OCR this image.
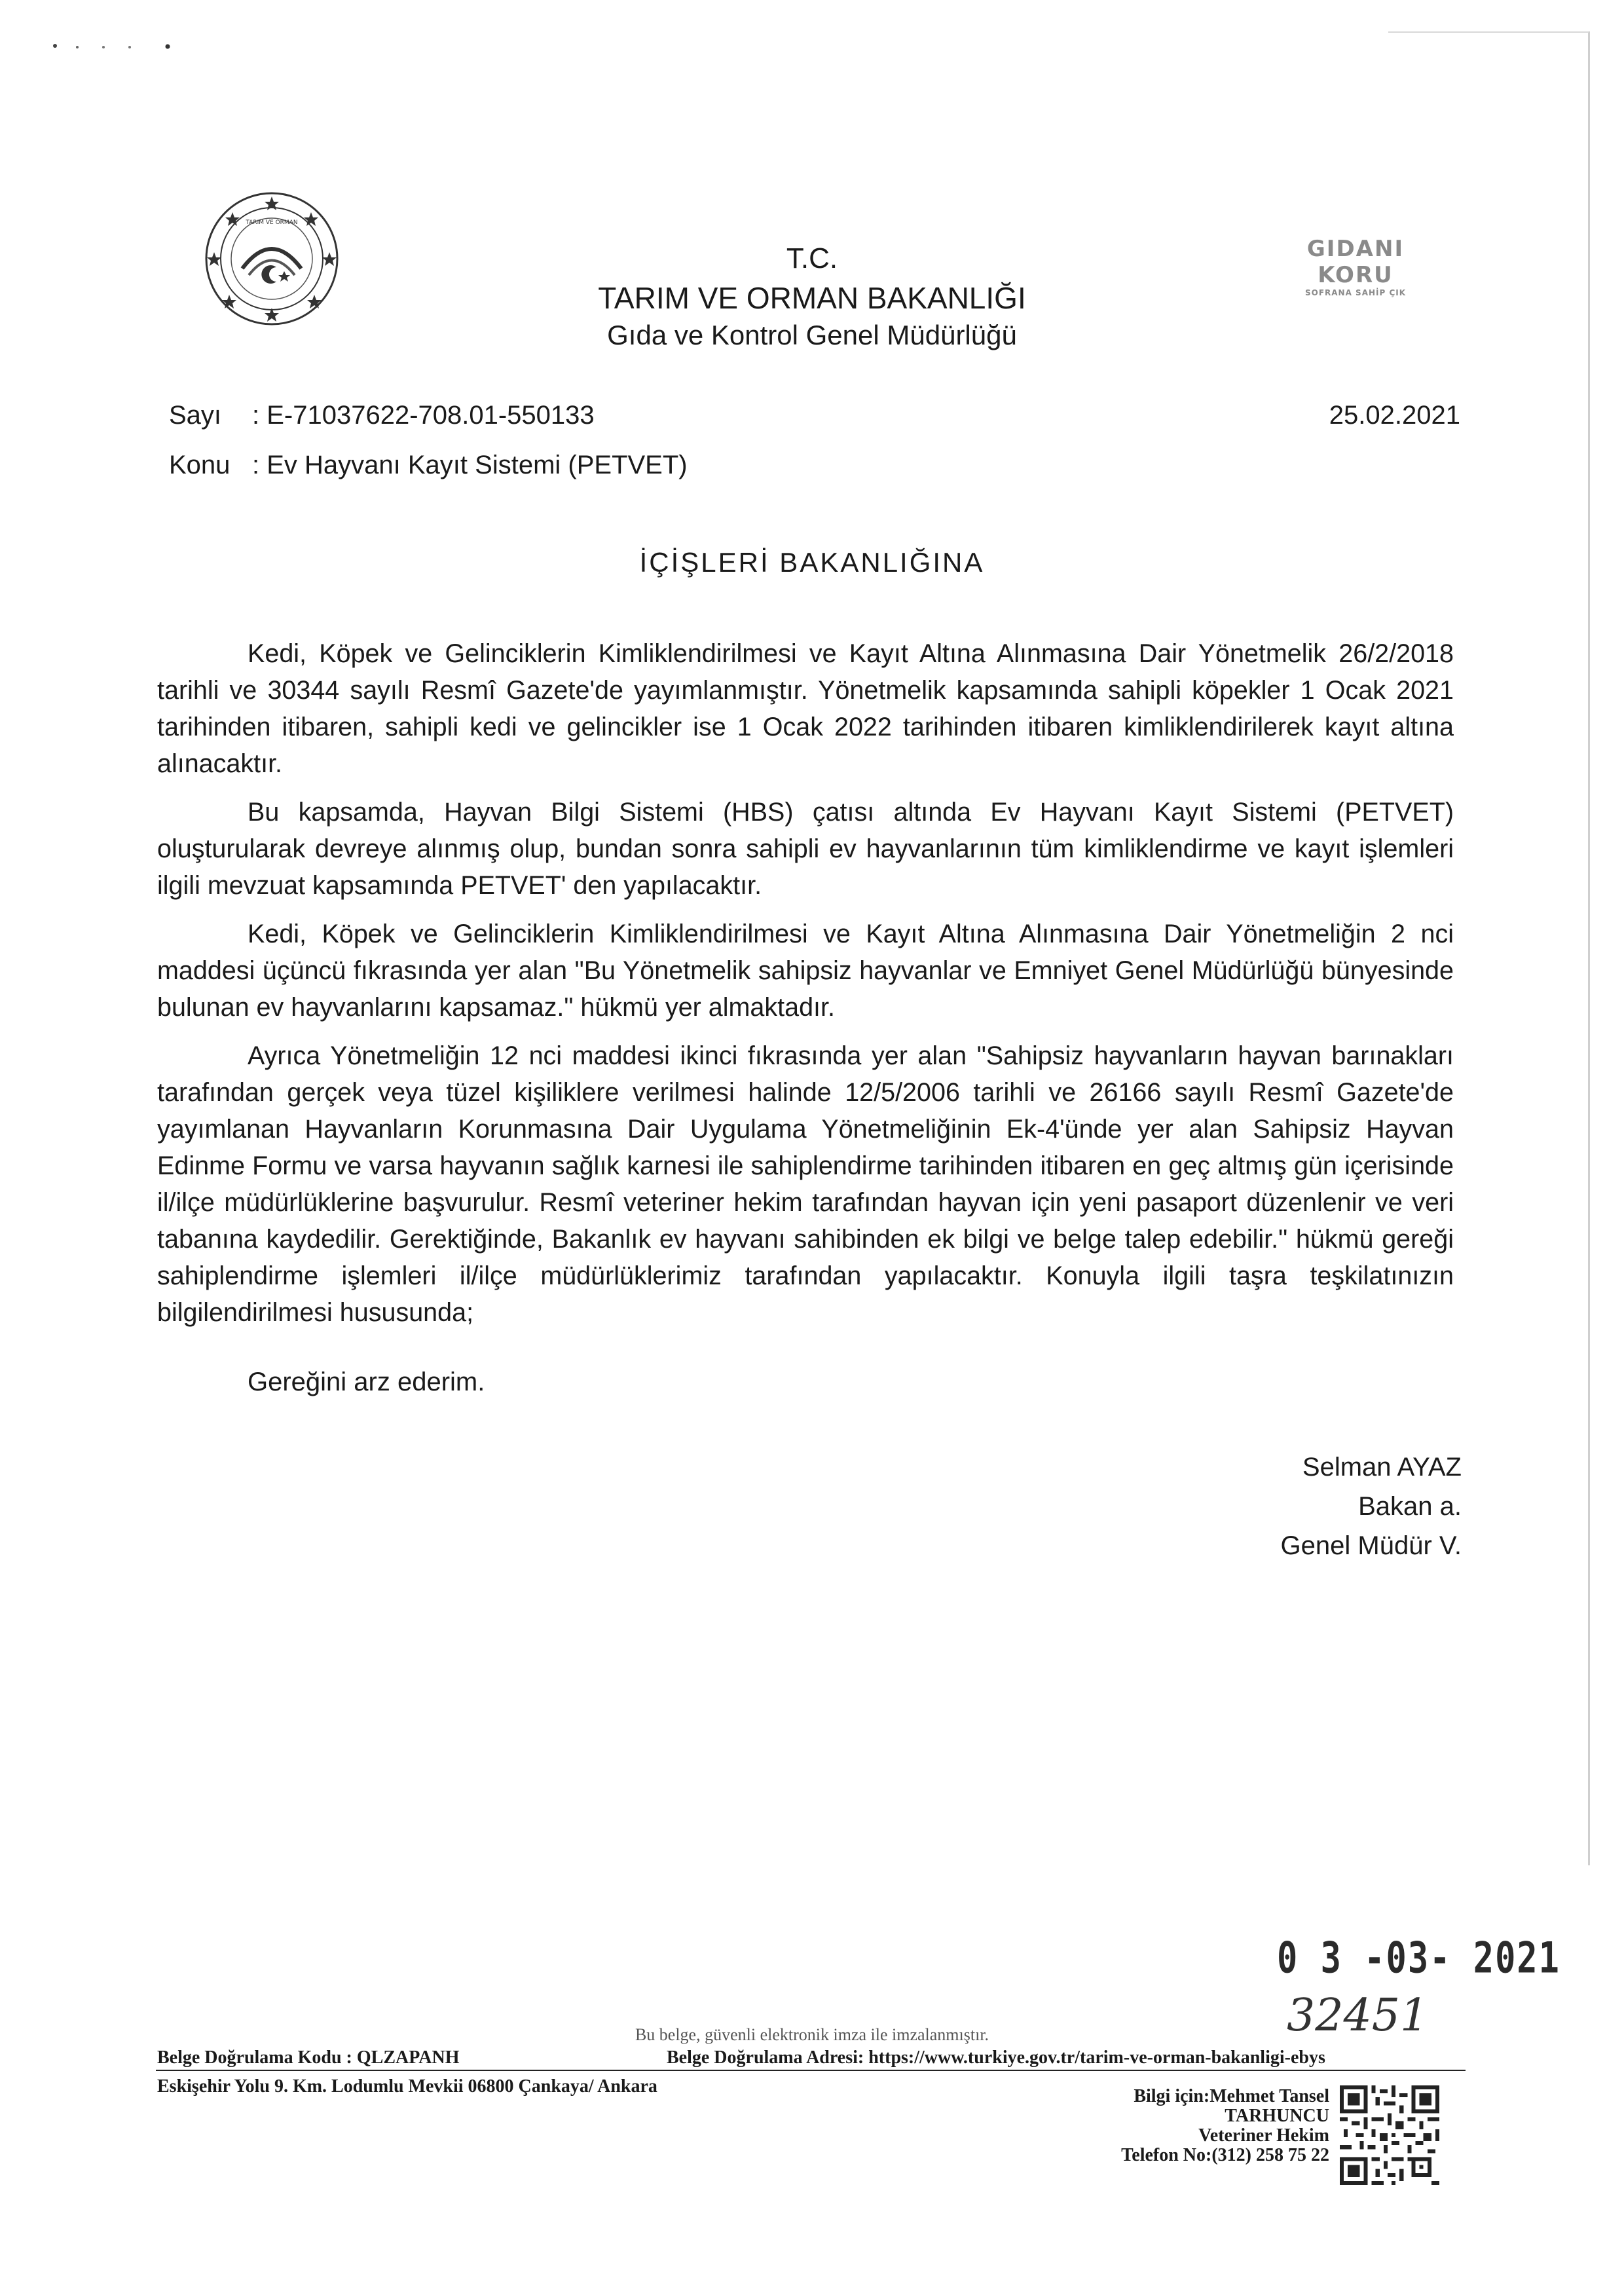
TARIM VE ORMAN
GIDANI KORU
SOFRANA SAHİP ÇIK
T.C.
TARIM VE ORMAN BAKANLIĞI
Gıda ve Kontrol Genel Müdürlüğü
Sayı : E-71037622-708.01-550133
Konu : Ev Hayvanı Kayıt Sistemi (PETVET)
25.02.2021
İÇİŞLERİ BAKANLIĞINA

Kedi, Köpek ve Gelinciklerin Kimliklendirilmesi ve Kayıt Altına Alınmasına Dair Yönetmelik 26/2/2018 tarihli ve 30344 sayılı Resmî Gazete'de yayımlanmıştır. Yönetmelik kapsamında sahipli köpekler 1 Ocak 2021 tarihinden itibaren, sahipli kedi ve gelincikler ise 1 Ocak 2022 tarihinden itibaren kimliklendirilerek kayıt altına alınacaktır.

Bu kapsamda, Hayvan Bilgi Sistemi (HBS) çatısı altında Ev Hayvanı Kayıt Sistemi (PETVET) oluşturularak devreye alınmış olup, bundan sonra sahipli ev hayvanlarının tüm kimliklendirme ve kayıt işlemleri ilgili mevzuat kapsamında PETVET' den yapılacaktır.

Kedi, Köpek ve Gelinciklerin Kimliklendirilmesi ve Kayıt Altına Alınmasına Dair Yönetmeliğin 2 nci maddesi üçüncü fıkrasında yer alan "Bu Yönetmelik sahipsiz hayvanlar ve Emniyet Genel Müdürlüğü bünyesinde bulunan ev hayvanlarını kapsamaz." hükmü yer almaktadır.

Ayrıca Yönetmeliğin 12 nci maddesi ikinci fıkrasında yer alan "Sahipsiz hayvanların hayvan barınakları tarafından gerçek veya tüzel kişiliklere verilmesi halinde 12/5/2006 tarihli ve 26166 sayılı Resmî Gazete'de yayımlanan Hayvanların Korunmasına Dair Uygulama Yönetmeliğinin Ek-4'ünde yer alan Sahipsiz Hayvan Edinme Formu ve varsa hayvanın sağlık karnesi ile sahiplendirme tarihinden itibaren en geç altmış gün içerisinde il/ilçe müdürlüklerine başvurulur. Resmî veteriner hekim tarafından hayvan için yeni pasaport düzenlenir ve veri tabanına kaydedilir. Gerektiğinde, Bakanlık ev hayvanı sahibinden ek bilgi ve belge talep edebilir." hükmü gereği sahiplendirme işlemleri il/ilçe müdürlüklerimiz tarafından yapılacaktır. Konuyla ilgili taşra teşkilatınızın bilgilendirilmesi hususunda;

Gereğini arz ederim.
Selman AYAZ
Bakan a.
Genel Müdür V.
0 3 -03- 2021
32451
Bu belge, güvenli elektronik imza ile imzalanmıştır.
Belge Doğrulama Kodu : QLZAPANH	Belge Doğrulama Adresi: https://www.turkiye.gov.tr/tarim-ve-orman-bakanligi-ebys
Eskişehir Yolu 9. Km. Lodumlu Mevkii 06800 Çankaya/ Ankara	Bilgi için:Mehmet Tansel
TARHUNCU
Veteriner Hekim
Telefon No:(312) 258 75 22
